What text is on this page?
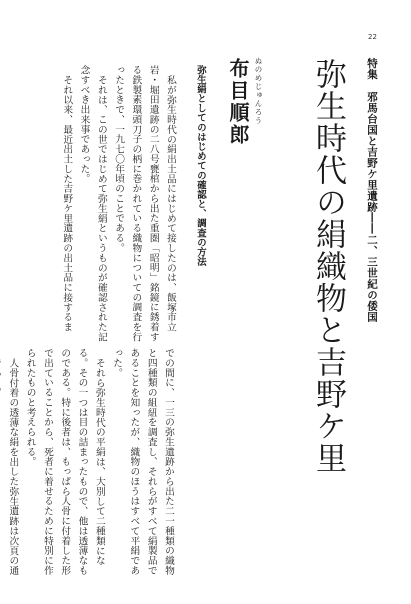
22
特集 邪馬台国と吉野ケ里遺跡――二、三世紀の倭国
弥生時代の絹織物と吉野ケ里
ぬのめじゅんろう
布目順郎
弥生絹としてのはじめての確認と、調査の方法

私が弥生時代の絹出土品にはじめて接したのは、飯塚市立岩・堀田遺跡の二八号甕棺から出た重圏「昭明」銘鏡に銹着する鉄製素環頭刀子の柄に巻かれている織物についての調査を行ったときで、一九七〇年頃のことである。

それは、この世ではじめて弥生絹というものが確認された記念すべき出来事であった。

それ以来、最近出土した吉野ケ里遺跡の出土品に接するま

での間に、一三の弥生遺跡から出た二一種類の織物と四種類の組紐を調査し、それらがすべて絹製品であることを知ったが、織物のほうはすべて平絹であった。

それら弥生時代の平絹は、大別して二種類になる。その一つは目の詰まったもので、他は透薄なものである。特に後者は、もっぱら人骨に付着した形で出ていることから、死者に着せるために特別に作られたものと考えられる。

人骨付着の透薄な絹を出した弥生遺跡は次頁の通
